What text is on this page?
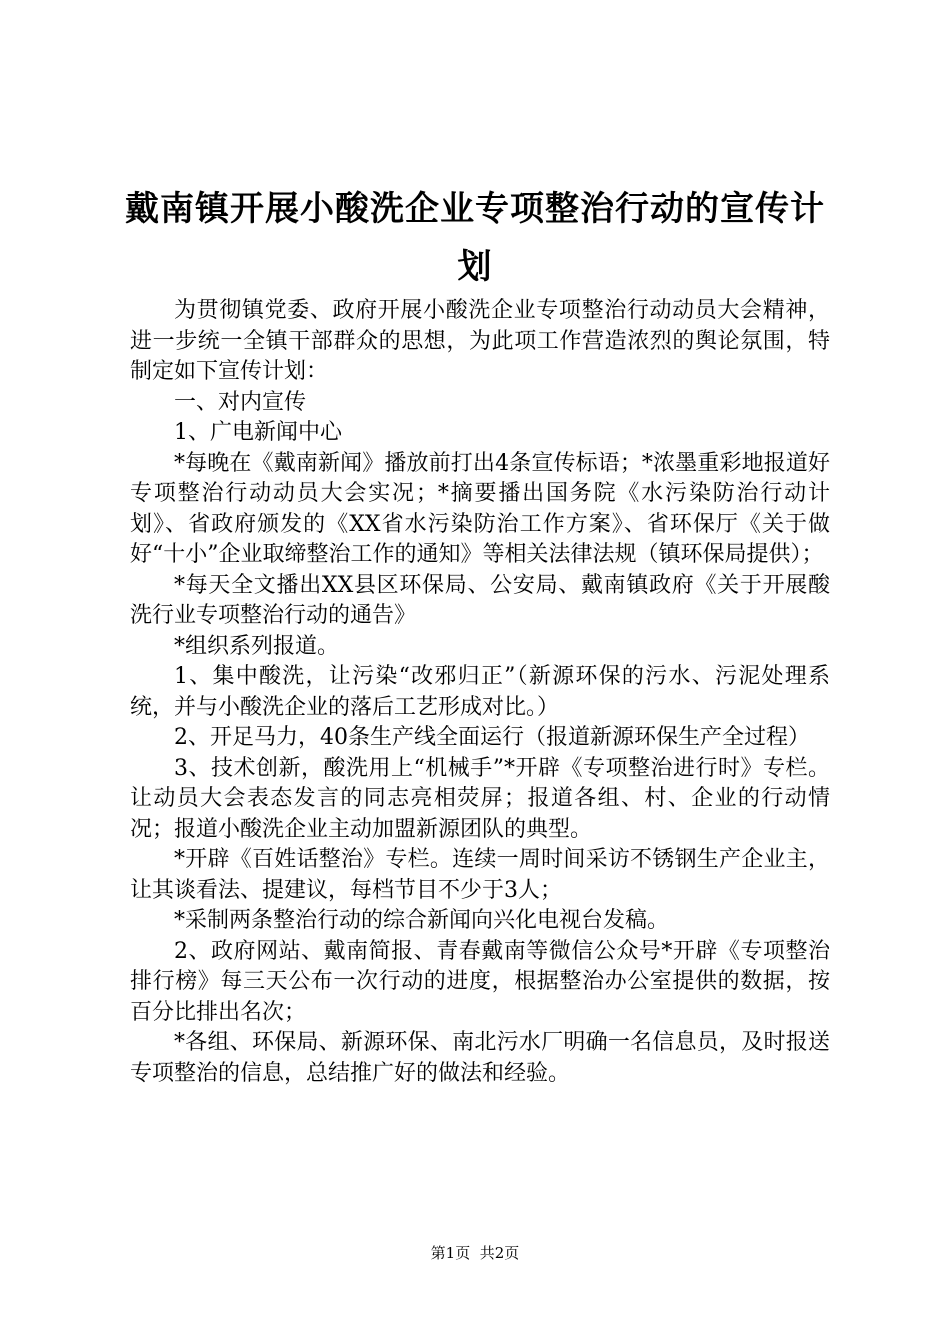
戴南镇开展小酸洗企业专项整治行动的宣传计划

为贯彻镇党委、政府开展小酸洗企业专项整治行动动员大会精神，进一步统一全镇干部群众的思想，为此项工作营造浓烈的舆论氛围，特制定如下宣传计划：

一、对内宣传

1、广电新闻中心

*每晚在《戴南新闻》播放前打出4条宣传标语；*浓墨重彩地报道好专项整治行动动员大会实况；*摘要播出国务院《水污染防治行动计划》、省政府颁发的《XX省水污染防治工作方案》、省环保厅《关于做好“十小”企业取缔整治工作的通知》等相关法律法规（镇环保局提供）；

*每天全文播出XX县区环保局、公安局、戴南镇政府《关于开展酸洗行业专项整治行动的通告》

*组织系列报道。

1、集中酸洗，让污染“改邪归正”（新源环保的污水、污泥处理系统，并与小酸洗企业的落后工艺形成对比。）

2、开足马力，40条生产线全面运行（报道新源环保生产全过程）

3、技术创新，酸洗用上“机械手”*开辟《专项整治进行时》专栏。让动员大会表态发言的同志亮相荧屏；报道各组、村、企业的行动情况；报道小酸洗企业主动加盟新源团队的典型。

*开辟《百姓话整治》专栏。连续一周时间采访不锈钢生产企业主，让其谈看法、提建议，每档节目不少于3人；

*采制两条整治行动的综合新闻向兴化电视台发稿。

2、政府网站、戴南简报、青春戴南等微信公众号*开辟《专项整治排行榜》每三天公布一次行动的进度，根据整治办公室提供的数据，按百分比排出名次；

*各组、环保局、新源环保、南北污水厂明确一名信息员，及时报送专项整治的信息，总结推广好的做法和经验。

第1页 共2页
